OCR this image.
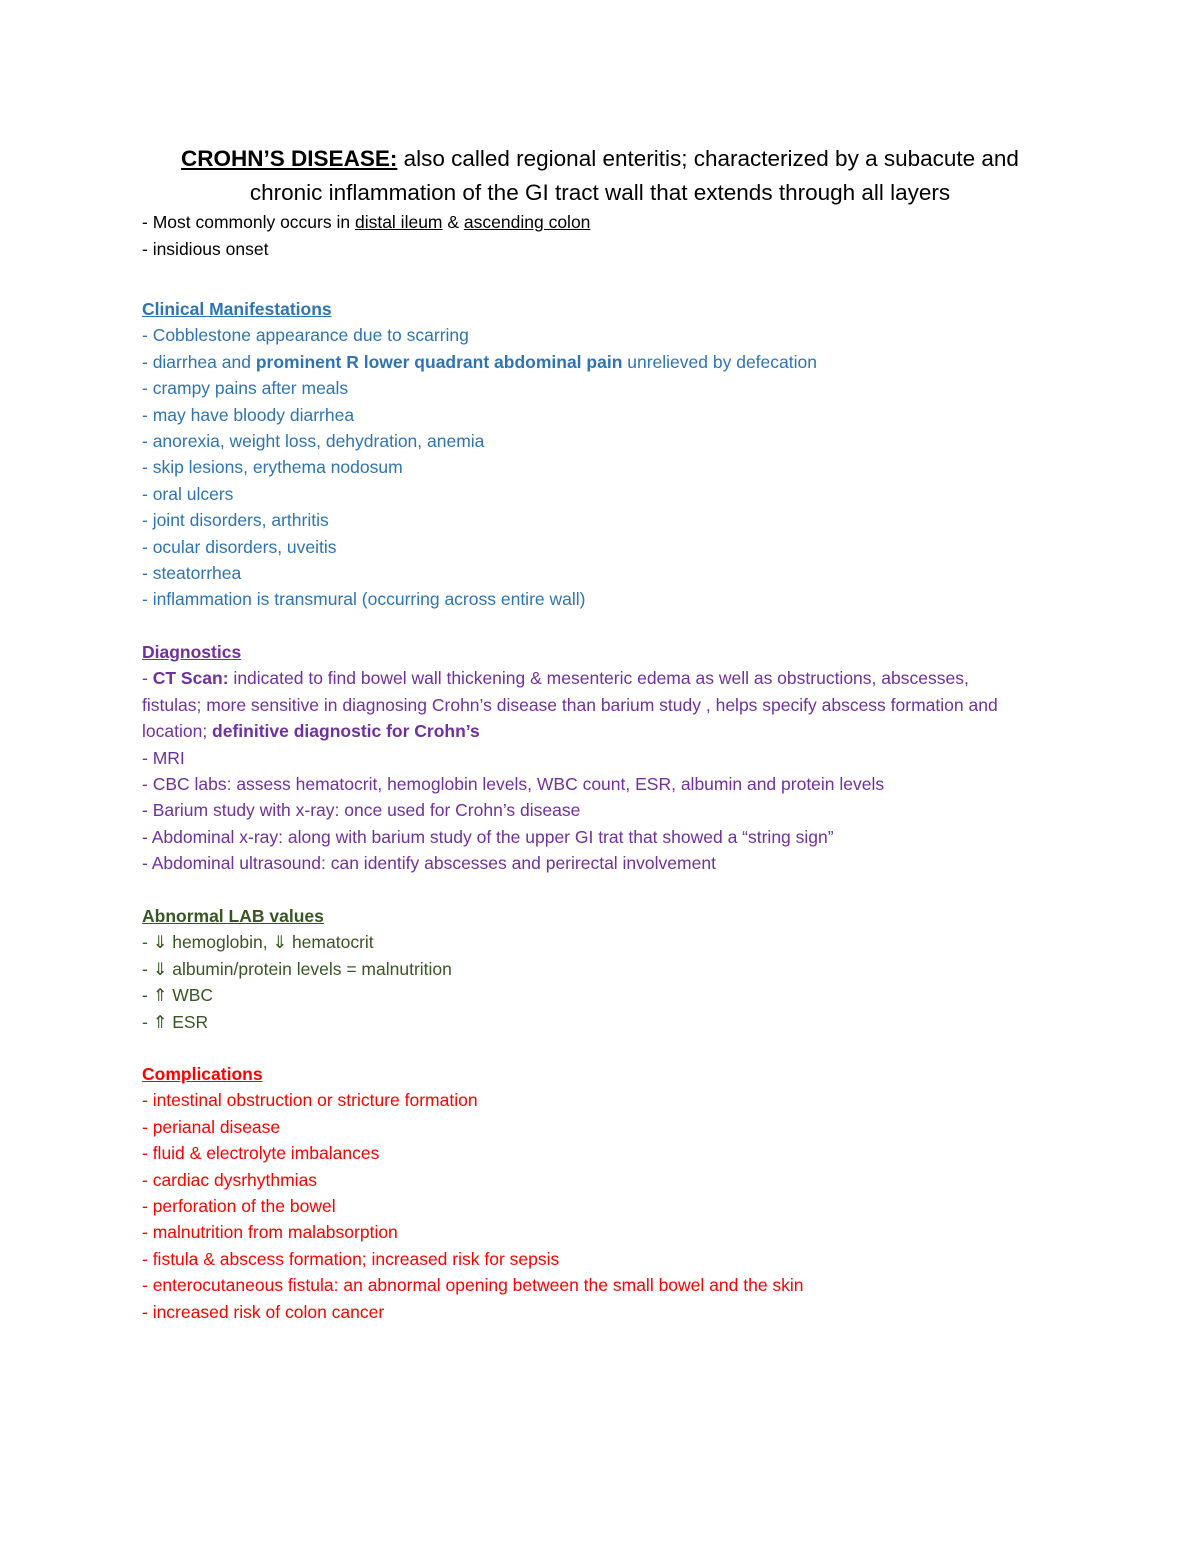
CROHN’S DISEASE: also called regional enteritis; characterized by a subacute and
chronic inflammation of the GI tract wall that extends through all layers
- Most commonly occurs in distal ileum & ascending colon
- insidious onset
Clinical Manifestations
- Cobblestone appearance due to scarring
- diarrhea and prominent R lower quadrant abdominal pain unrelieved by defecation
- crampy pains after meals
- may have bloody diarrhea
- anorexia, weight loss, dehydration, anemia
- skip lesions, erythema nodosum
- oral ulcers
- joint disorders, arthritis
- ocular disorders, uveitis
- steatorrhea
- inflammation is transmural (occurring across entire wall)
Diagnostics
- CT Scan: indicated to find bowel wall thickening & mesenteric edema as well as obstructions, abscesses, fistulas; more sensitive in diagnosing Crohn’s disease than barium study , helps specify abscess formation and location; definitive diagnostic for Crohn’s
- MRI
- CBC labs: assess hematocrit, hemoglobin levels, WBC count, ESR, albumin and protein levels
- Barium study with x-ray: once used for Crohn’s disease
- Abdominal x-ray: along with barium study of the upper GI trat that showed a “string sign”
- Abdominal ultrasound: can identify abscesses and perirectal involvement
Abnormal LAB values
- ⇓ hemoglobin, ⇓ hematocrit
- ⇓ albumin/protein levels = malnutrition
- ⇑ WBC
- ⇑ ESR
Complications
- intestinal obstruction or stricture formation
- perianal disease
- fluid & electrolyte imbalances
- cardiac dysrhythmias
- perforation of the bowel
- malnutrition from malabsorption
- fistula & abscess formation; increased risk for sepsis
- enterocutaneous fistula: an abnormal opening between the small bowel and the skin
- increased risk of colon cancer
